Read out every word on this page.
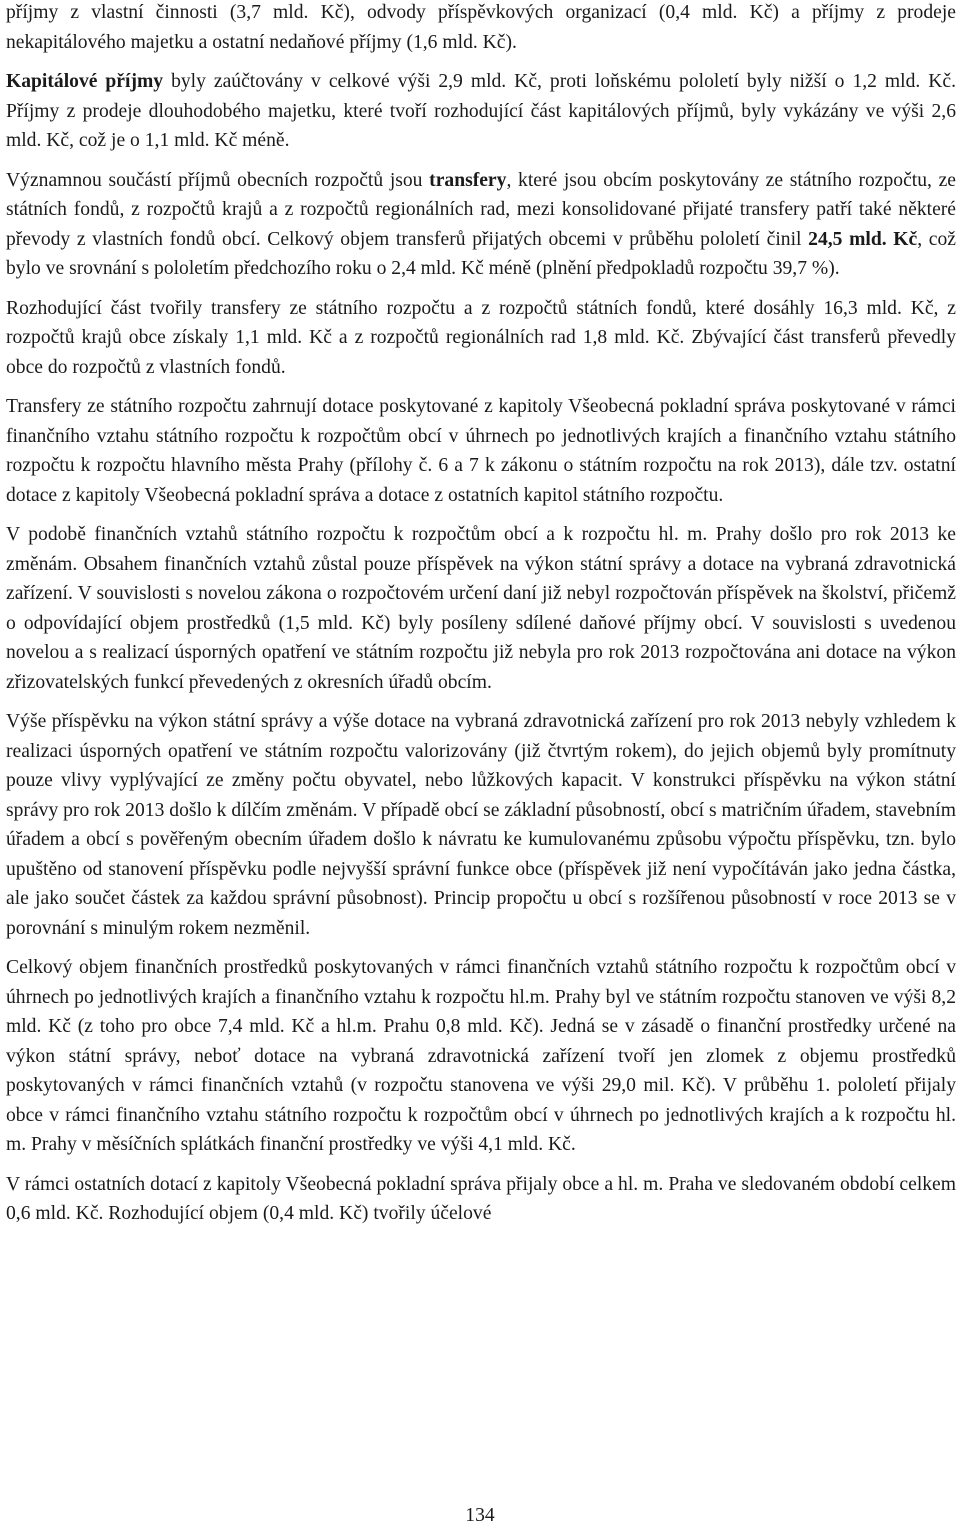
příjmy z vlastní činnosti (3,7 mld. Kč), odvody příspěvkových organizací (0,4 mld. Kč) a příjmy z prodeje nekapitálového majetku a ostatní nedaňové příjmy (1,6 mld. Kč).

Kapitálové příjmy byly zaúčtovány v celkové výši 2,9 mld. Kč, proti loňskému pololetí byly nižší o 1,2 mld. Kč. Příjmy z prodeje dlouhodobého majetku, které tvoří rozhodující část kapitálových příjmů, byly vykázány ve výši 2,6 mld. Kč, což je o 1,1 mld. Kč méně.

Významnou součástí příjmů obecních rozpočtů jsou transfery, které jsou obcím poskytovány ze státního rozpočtu, ze státních fondů, z rozpočtů krajů a z rozpočtů regionálních rad, mezi konsolidované přijaté transfery patří také některé převody z vlastních fondů obcí. Celkový objem transferů přijatých obcemi v průběhu pololetí činil 24,5 mld. Kč, což bylo ve srovnání s pololetím předchozího roku o 2,4 mld. Kč méně (plnění předpokladů rozpočtu 39,7 %).

Rozhodující část tvořily transfery ze státního rozpočtu a z rozpočtů státních fondů, které dosáhly 16,3 mld. Kč, z rozpočtů krajů obce získaly 1,1 mld. Kč a z rozpočtů regionálních rad 1,8 mld. Kč. Zbývající část transferů převedly obce do rozpočtů z vlastních fondů.

Transfery ze státního rozpočtu zahrnují dotace poskytované z kapitoly Všeobecná pokladní správa poskytované v rámci finančního vztahu státního rozpočtu k rozpočtům obcí v úhrnech po jednotlivých krajích a finančního vztahu státního rozpočtu k rozpočtu hlavního města Prahy (přílohy č. 6 a 7 k zákonu o státním rozpočtu na rok 2013), dále tzv. ostatní dotace z kapitoly Všeobecná pokladní správa a dotace z ostatních kapitol státního rozpočtu.

V podobě finančních vztahů státního rozpočtu k rozpočtům obcí a k rozpočtu hl. m. Prahy došlo pro rok 2013 ke změnám. Obsahem finančních vztahů zůstal pouze příspěvek na výkon státní správy a dotace na vybraná zdravotnická zařízení. V souvislosti s novelou zákona o rozpočtovém určení daní již nebyl rozpočtován příspěvek na školství, přičemž o odpovídající objem prostředků (1,5 mld. Kč) byly posíleny sdílené daňové příjmy obcí. V souvislosti s uvedenou novelou a s realizací úsporných opatření ve státním rozpočtu již nebyla pro rok 2013 rozpočtována ani dotace na výkon zřizovatelských funkcí převedených z okresních úřadů obcím.

Výše příspěvku na výkon státní správy a výše dotace na vybraná zdravotnická zařízení pro rok 2013 nebyly vzhledem k realizaci úsporných opatření ve státním rozpočtu valorizovány (již čtvrtým rokem), do jejich objemů byly promítnuty pouze vlivy vyplývající ze změny počtu obyvatel, nebo lůžkových kapacit. V konstrukci příspěvku na výkon státní správy pro rok 2013 došlo k dílčím změnám. V případě obcí se základní působností, obcí s matričním úřadem, stavebním úřadem a obcí s pověřeným obecním úřadem došlo k návratu ke kumulovanému způsobu výpočtu příspěvku, tzn. bylo upuštěno od stanovení příspěvku podle nejvyšší správní funkce obce (příspěvek již není vypočítáván jako jedna částka, ale jako součet částek za každou správní působnost). Princip propočtu u obcí s rozšířenou působností v roce 2013 se v porovnání s minulým rokem nezměnil.

Celkový objem finančních prostředků poskytovaných v rámci finančních vztahů státního rozpočtu k rozpočtům obcí v úhrnech po jednotlivých krajích a finančního vztahu k rozpočtu hl.m. Prahy byl ve státním rozpočtu stanoven ve výši 8,2 mld. Kč (z toho pro obce 7,4 mld. Kč a hl.m. Prahu 0,8 mld. Kč). Jedná se v zásadě o finanční prostředky určené na výkon státní správy, neboť dotace na vybraná zdravotnická zařízení tvoří jen zlomek z objemu prostředků poskytovaných v rámci finančních vztahů (v rozpočtu stanovena ve výši 29,0 mil. Kč). V průběhu 1. pololetí přijaly obce v rámci finančního vztahu státního rozpočtu k rozpočtům obcí v úhrnech po jednotlivých krajích a k rozpočtu hl. m. Prahy v měsíčních splátkách finanční prostředky ve výši 4,1 mld. Kč.

V rámci ostatních dotací z kapitoly Všeobecná pokladní správa přijaly obce a hl. m. Praha ve sledovaném období celkem 0,6 mld. Kč. Rozhodující objem (0,4 mld. Kč) tvořily účelové

134
